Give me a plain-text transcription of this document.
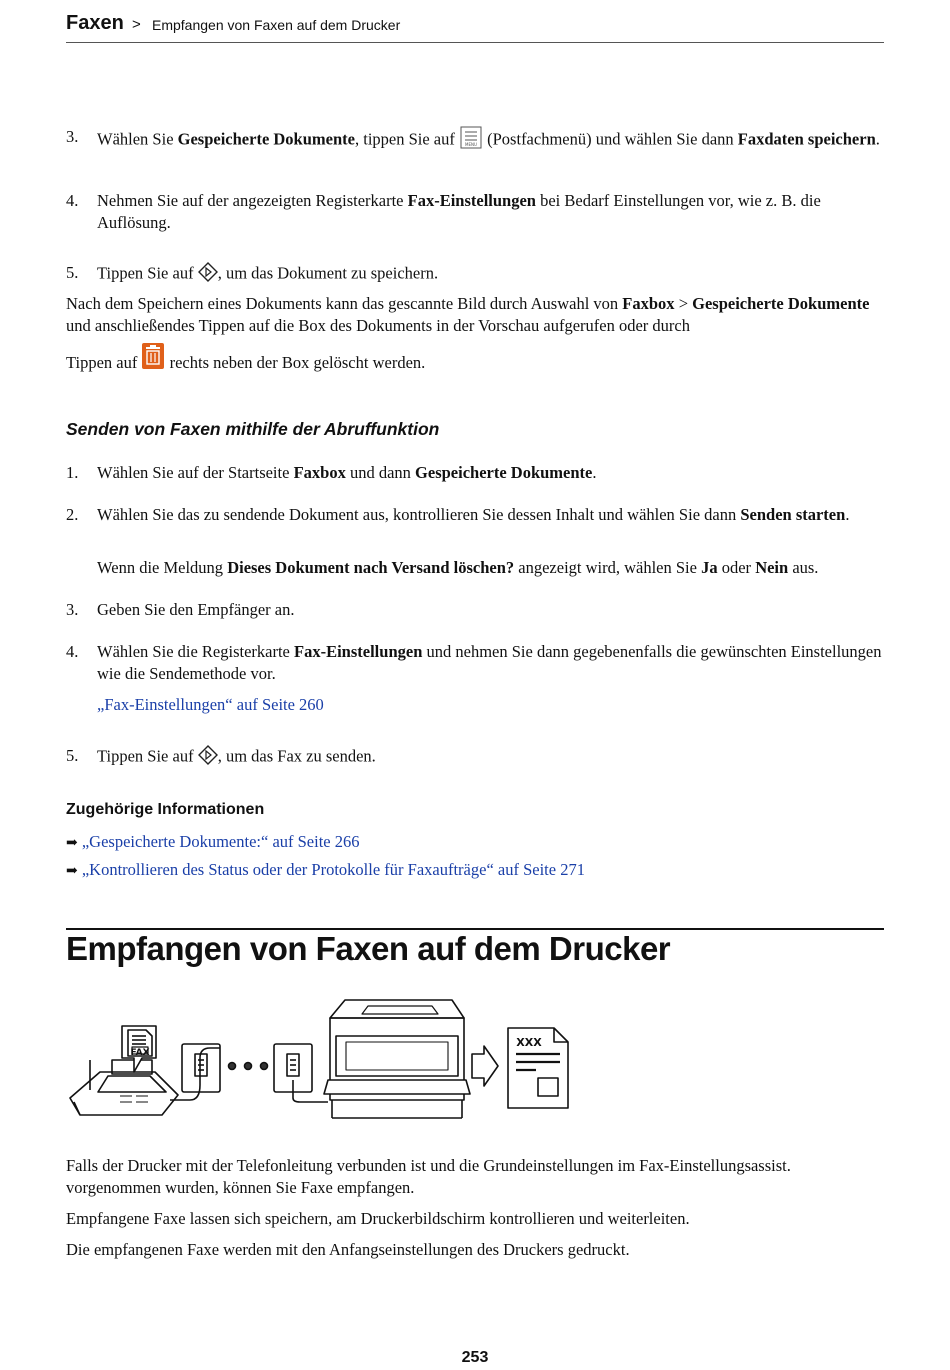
Faxen > Empfangen von Faxen auf dem Drucker
3. Wählen Sie Gespeicherte Dokumente, tippen Sie auf MENU (Postfachmenü) und wählen Sie dann Faxdaten speichern.
4. Nehmen Sie auf der angezeigten Registerkarte Fax-Einstellungen bei Bedarf Einstellungen vor, wie z. B. die Auflösung.
5. Tippen Sie auf , um das Dokument zu speichern.

Nach dem Speichern eines Dokuments kann das gescannte Bild durch Auswahl von Faxbox > Gespeicherte Dokumente und anschließendes Tippen auf die Box des Dokuments in der Vorschau aufgerufen oder durch

Tippen auf  rechts neben der Box gelöscht werden.

Senden von Faxen mithilfe der Abruffunktion
1. Wählen Sie auf der Startseite Faxbox und dann Gespeicherte Dokumente.
2. Wählen Sie das zu sendende Dokument aus, kontrollieren Sie dessen Inhalt und wählen Sie dann Senden starten.
Wenn die Meldung Dieses Dokument nach Versand löschen? angezeigt wird, wählen Sie Ja oder Nein aus.
3. Geben Sie den Empfänger an.
4. Wählen Sie die Registerkarte Fax-Einstellungen und nehmen Sie dann gegebenenfalls die gewünschten Einstellungen wie die Sendemethode vor.
„Fax-Einstellungen“ auf Seite 260
5. Tippen Sie auf , um das Fax zu senden.
Zugehörige Informationen
➡ „Gespeicherte Dokumente:“ auf Seite 266
➡ „Kontrollieren des Status oder der Protokolle für Faxaufträge“ auf Seite 271
Empfangen von Faxen auf dem Drucker
FAX
XXX

Falls der Drucker mit der Telefonleitung verbunden ist und die Grundeinstellungen im Fax-Einstellungsassist. vorgenommen wurden, können Sie Faxe empfangen.

Empfangene Faxe lassen sich speichern, am Druckerbildschirm kontrollieren und weiterleiten.

Die empfangenen Faxe werden mit den Anfangseinstellungen des Druckers gedruckt.

253
